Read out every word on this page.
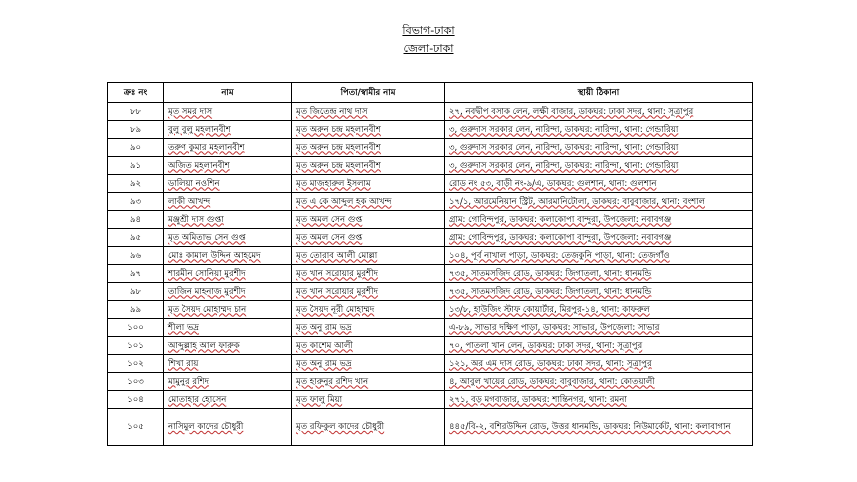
বিভাগ-ঢাকা
জেলা-ঢাকা
ক্রঃ নং	নাম	পিতা/স্বামীর নাম	স্থায়ী ঠিকানা
৮৮	মৃত সমর দাস	মৃত জিতেন্দ্র নাথ দাস	২৭, নবদ্বীপ বসাক লেন, লক্ষী বাজার, ডাকঘর: ঢাকা সদর, থানা: সূত্রাপুর
৮৯	বুলু বুলু মহলানবীশ	মৃত অরুন চন্দ্র মহলানবীশ	৩, গুরুদাস সরকার লেন, নারিন্দা, ডাকঘর: নারিন্দা, থানা: গেন্ডারিয়া
৯০	তরুণ কুমার মহলানবীশ	মৃত অরুন চন্দ্র মহলানবীশ	৩, গুরুদাস সরকার লেন, নারিন্দা, ডাকঘর: নারিন্দা, থানা: গেন্ডারিয়া
৯১	অজিত মহলানবীশ	মৃত অরুন চন্দ্র মহলানবীশ	৩, গুরুদাস সরকার লেন, নারিন্দা, ডাকঘর: নারিন্দা, থানা: গেন্ডারিয়া
৯২	ডালিয়া নওশিন	মৃত মাজহারুল ইসলাম	রোড নং ৫৩, বাড়ী নং-৯/এ, ডাকঘর: গুলশান, থানা: গুলশান
৯৩	লাকী আখন্দ	মৃত এ কে আব্দুল হক আখন্দ	১৭/১, আরমেনিয়ান স্ট্রিট, আরমানিটোলা, ডাকঘর: বাবুবাজার, থানা: বংশাল
৯৪	মঞ্জুশ্রী দাস গুপ্তা	মৃত অমল সেন গুপ্ত	গ্রাম: গোবিন্দপুর, ডাকঘর: কলাকোপা বান্দুরা, উপজেলা: নবাবগঞ্জ
৯৫	মৃত অমিতাভ সেন গুপ্ত	মৃত অমল সেন গুপ্ত	গ্রাম: গোবিন্দপুর, ডাকঘর: কলাকোপা বান্দুরা, উপজেলা: নবাবগঞ্জ
৯৬	মোঃ কামাল উদ্দিন আহমেদ	মৃত তোরাব আলী মোল্লা	১০৪, পূর্ব নাখাল পাড়া, ডাকঘর: তেজকুনি পাড়া, থানা: তেজগাঁও
৯৭	শারমীন সোনিয়া মুরশীদ	মৃত খান সরোয়ার মুরশীদ	৭৩৫, সাতমসজিদ রোড, ডাকঘর: জিগাতলা, থানা: ধানমন্ডি
৯৮	তাজিন মাহনাজ মুরশীদ	মৃত খান সরোয়ার মুরশীদ	৭৩৫, সাতমসজিদ রোড, ডাকঘর: জিগাতলা, থানা: ধানমন্ডি
৯৯	মৃত সৈয়দ মোহাম্মদ চান	মৃত সৈয়দ নূরী মোহাম্মদ	১৩/৮, হাউজিং স্টাফ কোয়ার্টার, মিরপুর-১৪, থানা: কাফরুল
১০০	শীলা ভদ্র	মৃত অনু রাম ভদ্র	এ-৮৯, সাভার দক্ষিণ পাড়া, ডাকঘর: সাভার, উপজেলা: সাভার
১০১	আব্দুল্লাহ আল ফারুক	মৃত কাশেম আলী	৭০, পাতলা খান লেন, ডাকঘর: ঢাকা সদর, থানা: সূত্রাপুর
১০২	শিখা রায়	মৃত অনু রাম ভদ্র	১২১, অর এম দাস রোড, ডাকঘর: ঢাকা সদর, থানা: সূত্রাপুর
১০৩	মামুনুর রশিদ	মৃত হারুনুর রশিদ খান	৪, আবুল খায়ের রোড, ডাকঘর: বাবুবাজার, থানা: কোতয়ালী
১০৪	মোতাহার হোসেন	মৃত ফালু মিয়া	২৭১, বড় মগবাজার, ডাকঘর: শান্তিনগর, থানা: রমনা
১০৫	নাসিমুল কাদের চৌধুরী	মৃত রফিকুল কাদের চৌধুরী	৪৪৫/বি-২, বশিরউদ্দিন রোড, উত্তর ধানমন্ডি, ডাকঘর: নিউমার্কেট, থানা: কলাবাগান
